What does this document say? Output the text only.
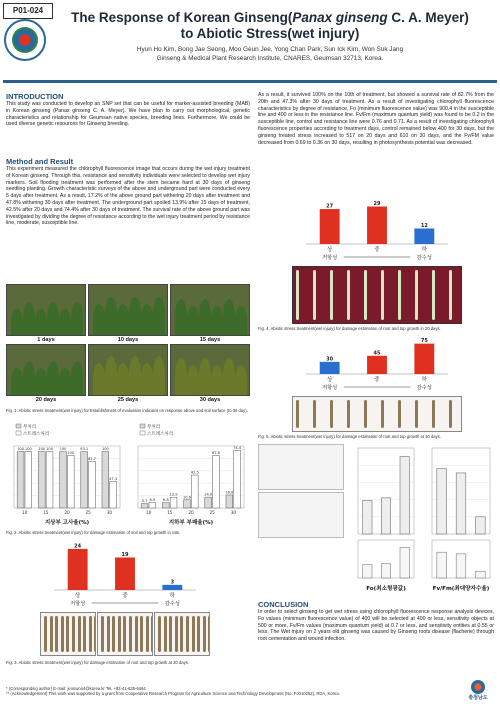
P01-024	The Response of Korean Ginseng(Panax ginseng C. A. Meyer)
to Abiotic Stress(wet injury)
Hyun Ho Kim, Bong Jae Seong, Moo Geun Jee, Yong Chan Park, Sun Ick Kim, Won Suk Jang
Ginseng & Medical Plant Research Institute, CNARES, Geumsan 32713, Korea.
INTRODUCTION
This study was conducted to develop an SNP set that can be useful for marker-assisted breeding (MAB) in Korean ginseng (Panax ginseng C. A. Meyer). We have plan to carry out morphological, genetic characteristics and relationship for Geumsan native species, breeding lines. Furthermore, We could be used diverse genetic resources for Ginseng breeding.
Method and Result
This experiment measured the chlorophyll fluorescence image that occurs during the wet injury treatment of Korean ginseng. Through this, resistance and sensitivity individuals were selected to develop wet injury markers. Soil flooding treatment was performed after the stem became hard at 30 days of ginseng seedling planting. Growth characteristic surveys of the above and underground part were conducted every 5 days after treatment. As a result, 17.2% of the above ground part withering 20 days after treatment and 47.8% withering 30 days after treatment. The underground part spoiled 13.9% after 15 days of treatment, 42.5% after 20 days and 74.4% after 30 days of treatment. The survival rate of the above ground part was investigated by dividing the degree of resistance according to the wet injury treatment period by resistance line, moderate, susceptible line.
1 days	10 days	15 days
20 days	25 days	30 days
Fig. 1. Abiotic stress treatment(wet injury) for Establishment of evaluation indicator on response above and soil surface (to 30 day).
무처리
스트레스처리
100 100
10
100 100
15
100
100
20
93.1
82.7
25
100
47.3
30
지상부 고사율(%)
무처리
스트레스처리
5.7 6.9
10
6.8
13.9
15
10.6
42.5
20
14.0
67.8
25
16.8
74.4
30
지하부 부패율(%)
Fig. 2. Abiotic stress treatment(wet injury) for damage estimation of soil and top growth in rate.
24
상
19
중
3
하
저항성	감수성
Fig. 3. Abiotic stress treatment(wet injury) for damage estimation of root and top growth at 30 days.
As a result, it survived 100% on the 10th of treatment, but showed a survival rate of 82.7% from the 20th and 47.3% after 30 days of treatment. As a result of investigating chlorophyll fluorescence characteristics by degree of resistance, Fo (minimum fluorescence value) was 900.4 in the susceptible line and 400 or less in the resistance line. Fv/Fm (maximum quantum yield) was found to be 0.2 in the susceptible line, control and resistance line were 0.76 and 0.71. As a result of investigating chlorophyll fluorescence properties according to treatment days, control remained below 400 for 30 days, but the ginseng treated stress increased to 517 on 20 days and 610 on 30 days, and the Fv/FM value decreased from 0.69 to 0.36 on 30 days, resulting in photosynthesis potential was decreased.
27
상
29
중
12
하
저항성	감수성
Fig. 4. Abiotic stress treatment(wet injury) for damage estimation of root and top growth in 20 days.
30
상
45
중
75
하
저항성	감수성
Fig. 5. Abiotic stress treatment(wet injury) for damage estimation of root and top growth at 30 days.
Fo(최소형광값)	Fv/Fm(최대양자수율)
CONCLUSION
In order to select ginseng to get wet stress using chlorophyll fluorescence response analysis devices, Fo values (minimum fluorescence value) of 400 will be selected at 400 or less, sensitivity objects at 500 or more, Fv/Fm values (maximum quantum yield) at 0.7 or less, and sensitivity entities at 0.55 or less. The Wet injury on 2 years old ginseng was caused by Ginseng roots disease (flacherie) through root cementation and wound infection.
* (Corresponding author) E-mail: jeonwoo4@korea.kr Tel. +82-41-635-6464
** (Acknowledgement) This work was supported by a grant from Cooperative Research Program for Agriculture Science and Technology Development (No. PJ010252), RDA, Korea.
충청남도
